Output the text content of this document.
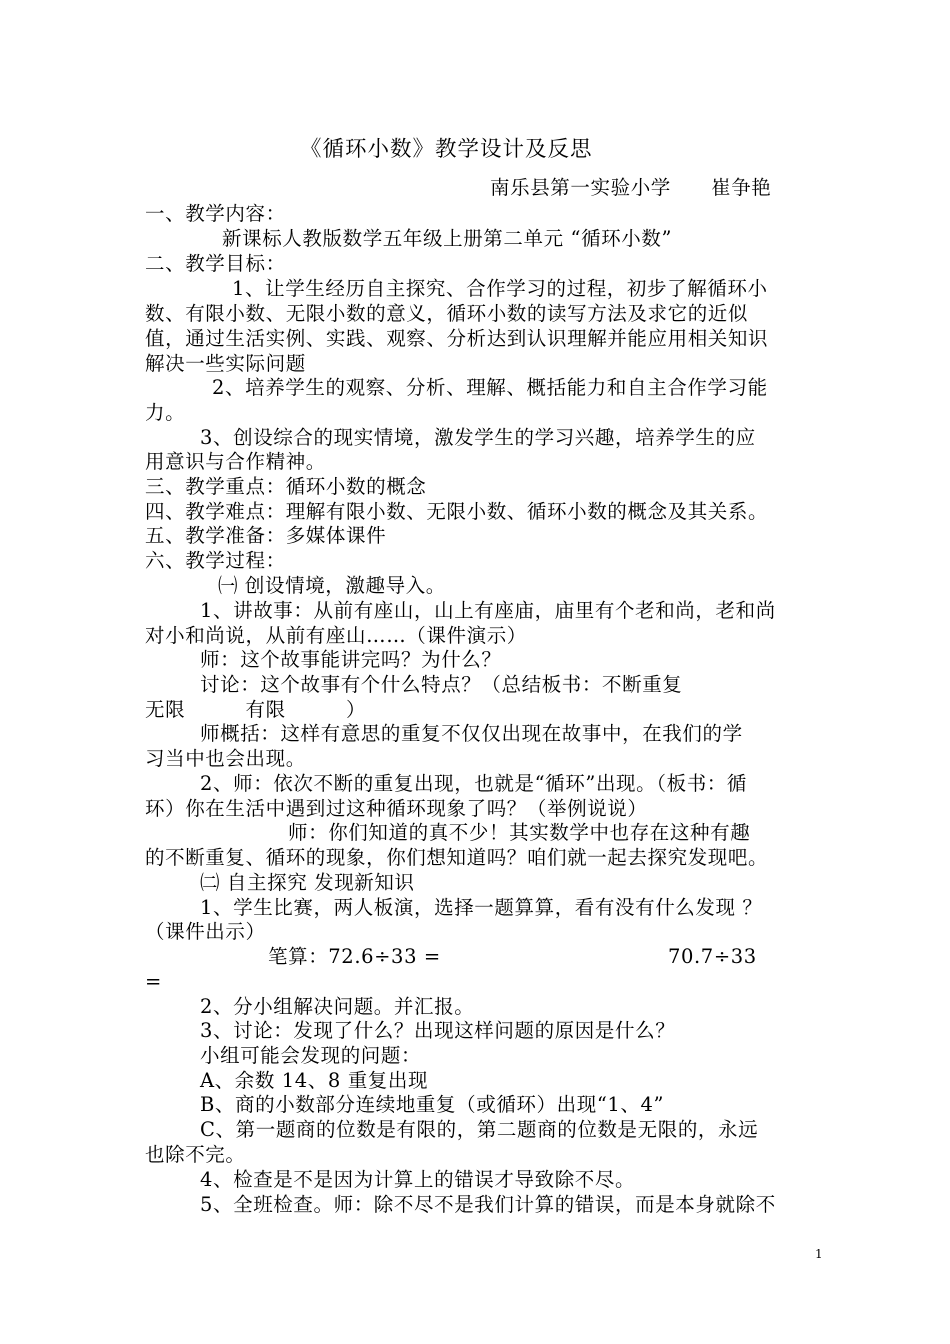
《循环小数》教学设计及反思
南乐县第一实验小学　　崔争艳
一、教学内容：
新课标人教版数学五年级上册第二单元 “循环小数”
二、教学目标：
1、让学生经历自主探究、合作学习的过程，初步了解循环小
数、有限小数、无限小数的意义，循环小数的读写方法及求它的近似
值，通过生活实例、实践、观察、分析达到认识理解并能应用相关知识
解决一些实际问题
2、培养学生的观察、分析、理解、概括能力和自主合作学习能
力。
3、创设综合的现实情境，激发学生的学习兴趣，培养学生的应
用意识与合作精神。
三、教学重点：循环小数的概念
四、教学难点：理解有限小数、无限小数、循环小数的概念及其关系。
五、教学准备：多媒体课件
六、教学过程：
㈠ 创设情境，激趣导入。
1、讲故事：从前有座山，山上有座庙，庙里有个老和尚，老和尚
对小和尚说，从前有座山……（课件演示）
师：这个故事能讲完吗？为什么？
讨论：这个故事有个什么特点？（总结板书：不断重复
无限　　　有限　　　）
师概括：这样有意思的重复不仅仅出现在故事中，在我们的学
习当中也会出现。
2、师：依次不断的重复出现，也就是“循环”出现。（板书：循
环）你在生活中遇到过这种循环现象了吗？（举例说说）
师：你们知道的真不少！其实数学中也存在这种有趣
的不断重复、循环的现象，你们想知道吗？咱们就一起去探究发现吧。
㈡ 自主探究 发现新知识
1、学生比赛，两人板演，选择一题算算，看有没有什么发现 ？
（课件出示）
笔算：72.6÷33 =	70.7÷33
=
2、分小组解决问题。并汇报。
3、讨论：发现了什么？出现这样问题的原因是什么？
小组可能会发现的问题：
A、余数 14、8 重复出现
B、商的小数部分连续地重复（或循环）出现“1、4”
C、第一题商的位数是有限的，第二题商的位数是无限的，永远
也除不完。
4、检查是不是因为计算上的错误才导致除不尽。
5、全班检查。师：除不尽不是我们计算的错误，而是本身就除不
1
